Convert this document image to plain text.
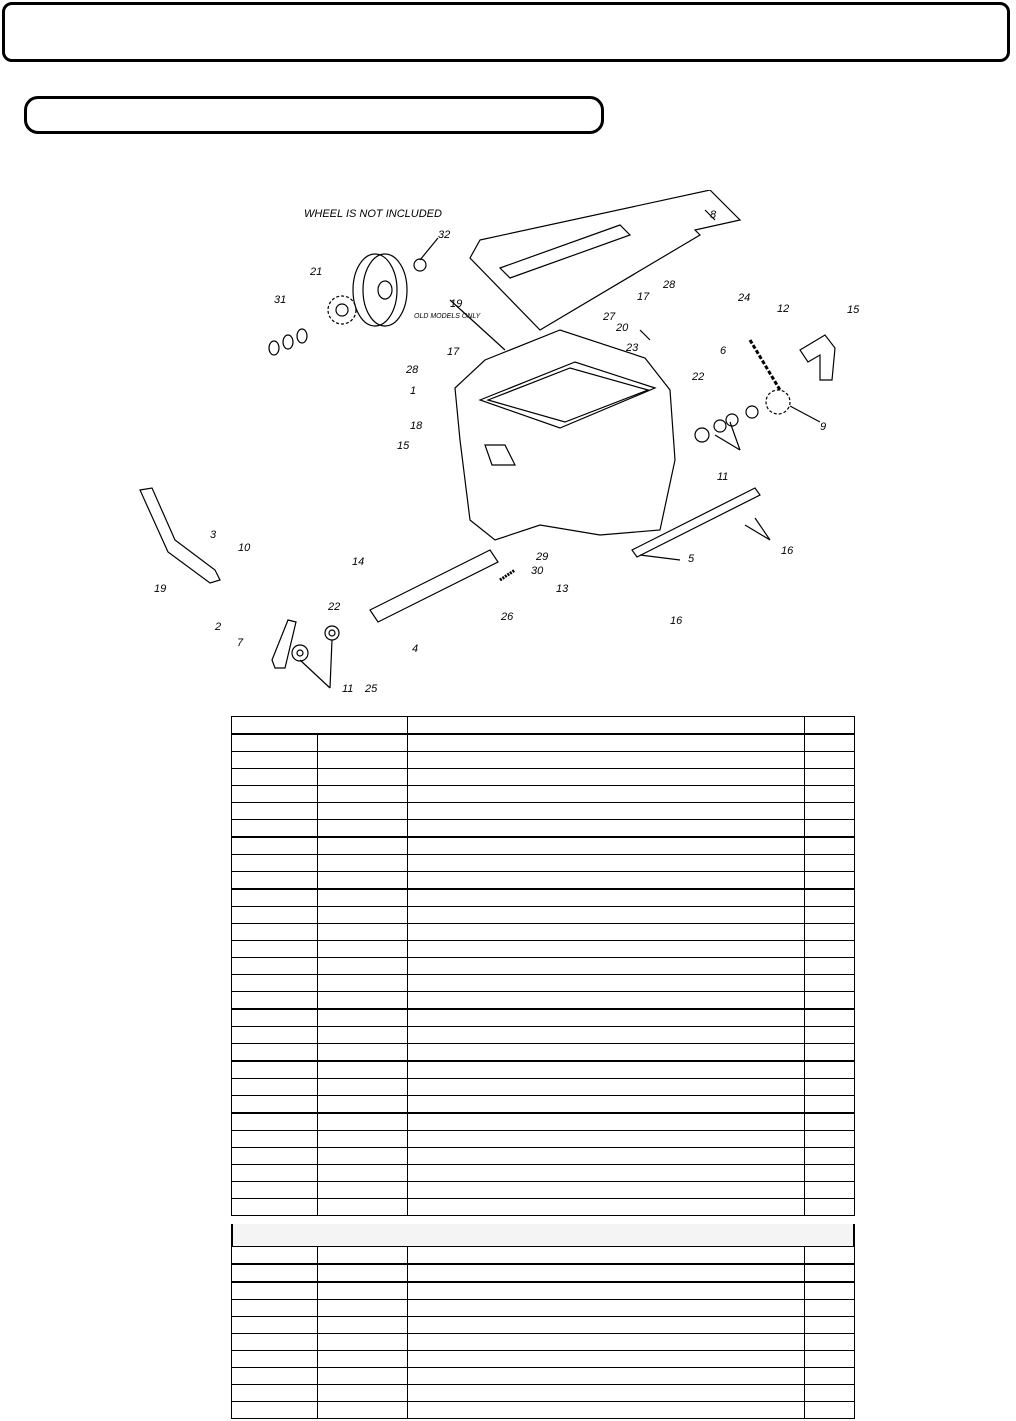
WHEEL IS NOT INCLUDED
19
OLD MODELS ONLY
1
2
3
4
5
6
7
8
9
10
11
11
12
13
14
15
15
16
16
17
17
18
19
20
21
22
22
23
24
25
26
27
28
28
29
30
31
32
